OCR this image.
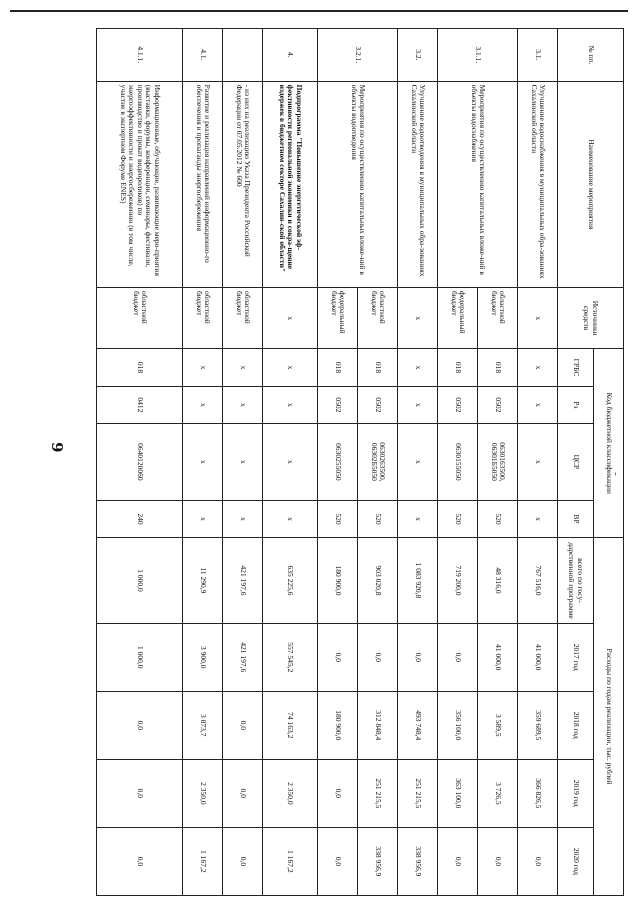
9
'
№ пп.	Наименование мероприятия	Источники средств	Код бюджетной классификации				Расходы по годам реализации, тыс. рублей				
			ГРБС	Рз	ЦСР	ВР	всего по госу-дарственной программе	2017 год	2018 год	2019 год	2020 год
3.1.	Улучшение водоснабжения в муниципальных обра-зованиях Сахалинской области	х	х	х	х	х	767 516,0	41 000,0	359 689,5	366 826,5	0,0
3.1.1.	Мероприятия по осуществлению капитальных вложе-ний в объекты водоснабжения	областной бюджет	018	0502	0630163500, 06301Б5050	520	48 316,0	41 000,0	3 589,5	3 726,5	0,0
		федеральный бюджет	018	0502	0630155050	520	719 200,0	0,0	356 100,0	363 100,0	0,0
3.2.	Улучшение водоотведения в муниципальных обра-зованиях Сахалинской области	х	х	х	х	х	1 083 920,8	0,0	493 748,4	251 215,5	338 956,9
3.2.1.	Мероприятия по осуществлению капитальных вложе-ний в объекты водоотведения	областной бюджет	018	0502	0630263500, 06302Б5050	520	903 020,8	0,0	312 848,4	251 215,5	338 956,9
		федеральный бюджет	018	0502	0630255050	520	180 900,0	0,0	180 900,0	0,0	0,0
4.	Подпрограмма "Повышение энергетической эф-фективности региональной экономики и сокра-щение издержек в бюджетном секторе Сахалин-ской области"	х	х	х	х	х	635 225,6	557 545,2	74 163,2	2 350,0	1 167,2
	- из них на реализацию Указа Президента Российской Федерации от 07.05.2012 № 600	областной бюджет	х	х	х	х	421 197,6	421 197,6	0,0	0,0	0,0
4.1.	Развитие и реализация направлений информационно-го обеспечения и пропаганды энергосбережения	областной бюджет	х	х	х	х	11 290,9	3 900,0	3 873,7	2 350,0	1 167,2
4.1.1.	Информационные, обучающие, развивающие меро-приятия (выставки, форумы, конференции, семинары, фестивали, производство и прокат видеороликов) по энергоэффективности и энергосбережению (в том числе, участие в экспертном Форуме ENES)	областной бюджет	018	0412	0640120060	240	1 000,0	1 000,0	0,0	0,0	0,0
